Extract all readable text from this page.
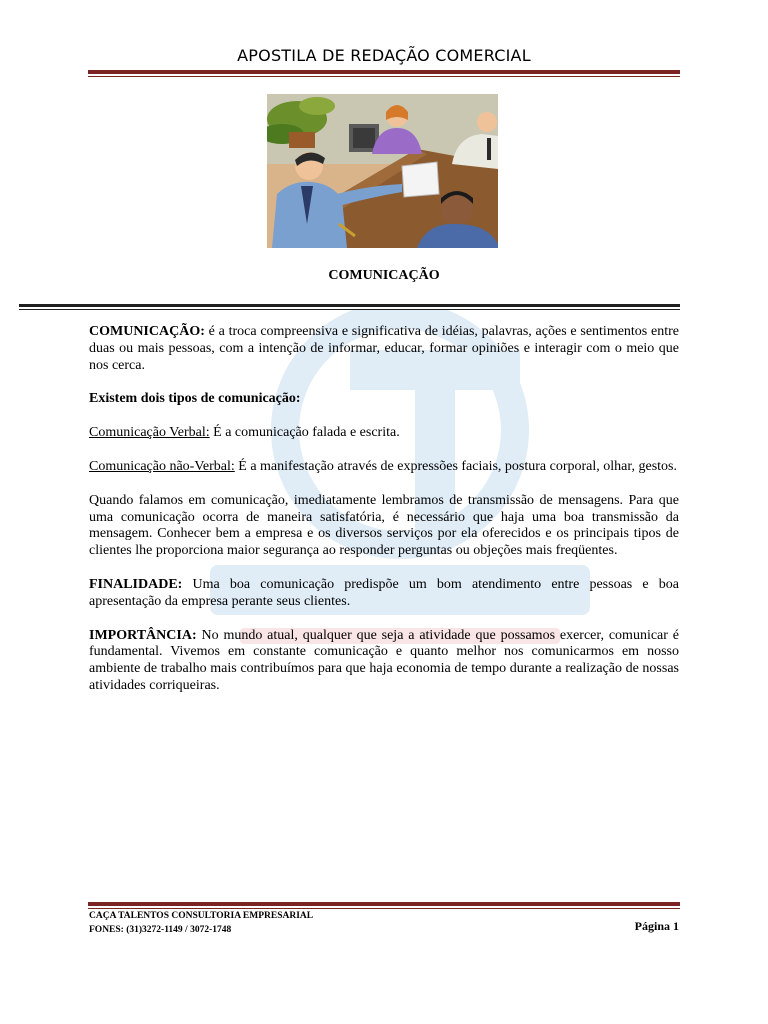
APOSTILA DE REDAÇÃO COMERCIAL
COMUNICAÇÃO

COMUNICAÇÃO: é a troca compreensiva e significativa de idéias, palavras, ações e sentimentos entre duas ou mais pessoas, com a intenção de informar, educar, formar opiniões e interagir com o meio que nos cerca.

Existem dois tipos de comunicação:

Comunicação Verbal: É a comunicação falada e escrita.

Comunicação não-Verbal: É a manifestação através de expressões faciais, postura corporal, olhar, gestos.

Quando falamos em comunicação, imediatamente lembramos de transmissão de mensagens. Para que uma comunicação ocorra de maneira satisfatória, é necessário que haja uma boa transmissão da mensagem. Conhecer bem a empresa e os diversos serviços por ela oferecidos e os principais tipos de clientes lhe proporciona maior segurança ao responder perguntas ou objeções mais freqüentes.

FINALIDADE: Uma boa comunicação predispõe um bom atendimento entre pessoas e boa apresentação da empresa perante seus clientes.

IMPORTÂNCIA: No mundo atual, qualquer que seja a atividade que possamos exercer, comunicar é fundamental. Vivemos em constante comunicação e quanto melhor nos comunicarmos em nosso ambiente de trabalho mais contribuímos para que haja economia de tempo durante a realização de nossas atividades corriqueiras.

CAÇA TALENTOS CONSULTORIA EMPRESARIAL
FONES: (31)3272-1149 / 3072-1748	Página 1
